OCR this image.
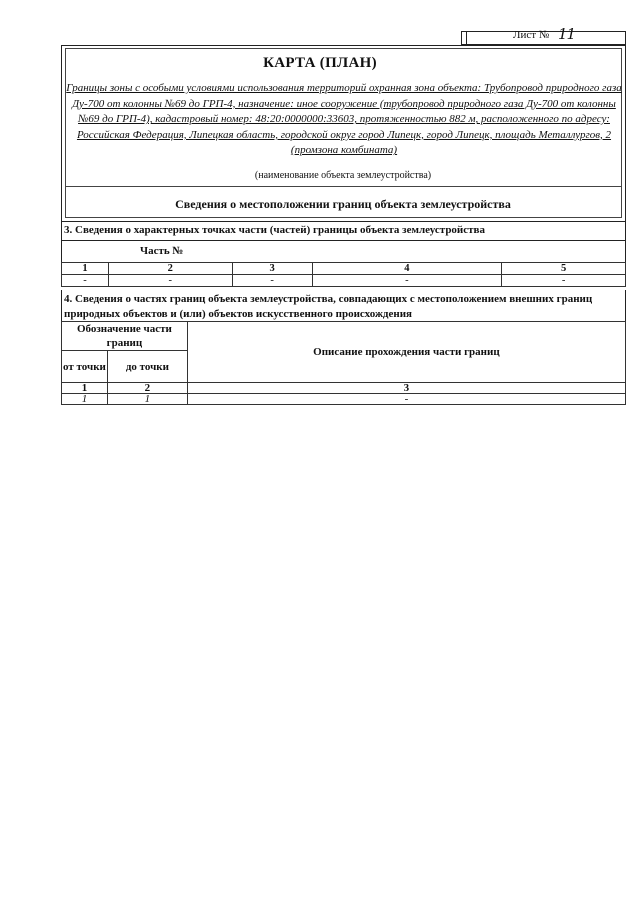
Лист № 11
КАРТА (ПЛАН)
Границы зоны с особыми условиями использования территорий охранная зона объекта: Трубопровод природного газа Ду-700 от колонны №69 до ГРП-4, назначение: иное сооружение (трубопровод природного газа Ду-700 от колонны №69 до ГРП-4), кадастровый номер: 48:20:0000000:33603, протяженностью 882 м, расположенного по адресу: Российская Федерация, Липецкая область, городской округ город Липецк, город Липецк, площадь Металлургов, 2 (промзона комбината)
(наименование объекта землеустройства)
Сведения о местоположении границ объекта землеустройства
3. Сведения о характерных точках части (частей) границы объекта землеустройства
Часть №
1	2	3	4	5
-	-	-	-	-
4. Сведения о частях границ объекта землеустройства, совпадающих с местоположением внешних границ природных объектов и (или) объектов искусственного происхождения
Обозначение части границ		Описание прохождения части границ
от точки	до точки	
1	2	3
1	1	-
